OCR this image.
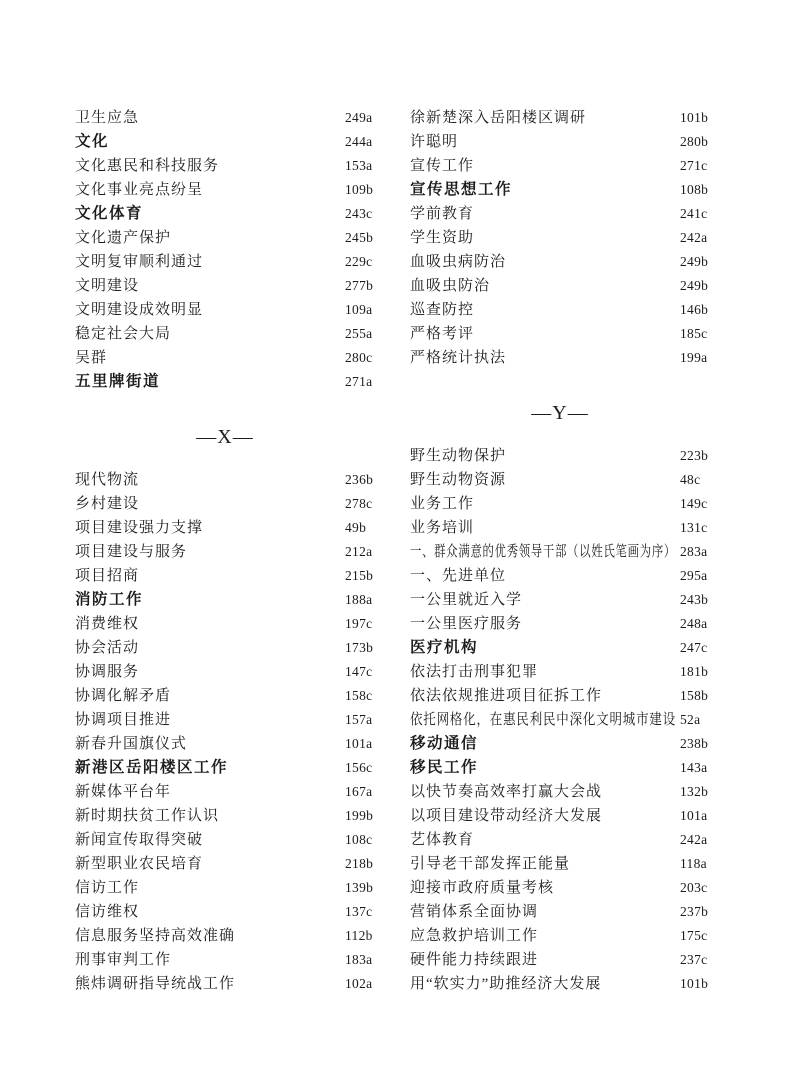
卫生应急	249a
文化	244a
文化惠民和科技服务	153a
文化事业亮点纷呈	109b
文化体育	243c
文化遗产保护	245b
文明复审顺利通过	229c
文明建设	277b
文明建设成效明显	109a
稳定社会大局	255a
吴群	280c
五里牌街道	271a
—X—
现代物流	236b
乡村建设	278c
项目建设强力支撑	49b
项目建设与服务	212a
项目招商	215b
消防工作	188a
消费维权	197c
协会活动	173b
协调服务	147c
协调化解矛盾	158c
协调项目推进	157a
新春升国旗仪式	101a
新港区岳阳楼区工作	156c
新媒体平台年	167a
新时期扶贫工作认识	199b
新闻宣传取得突破	108c
新型职业农民培育	218b
信访工作	139b
信访维权	137c
信息服务坚持高效准确	112b
刑事审判工作	183a
熊炜调研指导统战工作	102a
徐新楚深入岳阳楼区调研	101b
许聪明	280b
宣传工作	271c
宣传思想工作	108b
学前教育	241c
学生资助	242a
血吸虫病防治	249b
血吸虫防治	249b
巡查防控	146b
严格考评	185c
严格统计执法	199a
—Y—
野生动物保护	223b
野生动物资源	48c
业务工作	149c
业务培训	131c
一、群众满意的优秀领导干部（以姓氏笔画为序） 283a
一、先进单位	295a
一公里就近入学	243b
一公里医疗服务	248a
医疗机构	247c
依法打击刑事犯罪	181b
依法依规推进项目征拆工作	158b
依托网格化，在惠民利民中深化文明城市建设 52a
移动通信	238b
移民工作	143a
以快节奏高效率打赢大会战	132b
以项目建设带动经济大发展	101a
艺体教育	242a
引导老干部发挥正能量	118a
迎接市政府质量考核	203c
营销体系全面协调	237b
应急救护培训工作	175c
硬件能力持续跟进	237c
用“软实力”助推经济大发展	101b
